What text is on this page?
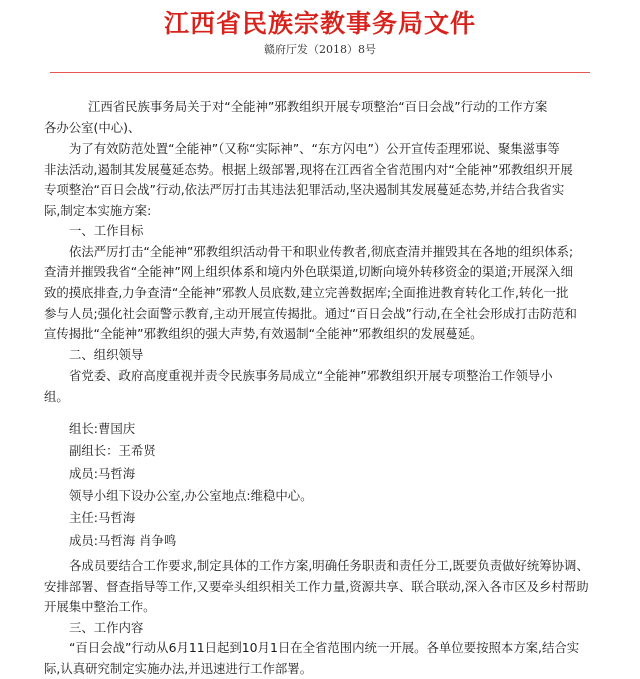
江西省民族宗教事务局文件
赣府厅发（2018）8号

江西省民族事务局关于对“全能神”邪教组织开展专项整治“百日会战”行动的工作方案

各办公室(中心)、

为了有效防范处置“全能神”（又称“实际神”、“东方闪电”）公开宣传歪理邪说、聚集滋事等

非法活动,遏制其发展蔓延态势。根据上级部署,现将在江西省全省范围内对“全能神”邪教组织开展

专项整治“百日会战”行动,依法严厉打击其违法犯罪活动,坚决遏制其发展蔓延态势,并结合我省实

际,制定本实施方案:

一、工作目标

依法严厉打击“全能神”邪教组织活动骨干和职业传教者,彻底查清并摧毁其在各地的组织体系;

查清并摧毁我省“全能神”网上组织体系和境内外色联渠道,切断向境外转移资金的渠道;开展深入细

致的摸底排查,力争查清“全能神”邪教人员底数,建立完善数据库;全面推进教育转化工作,转化一批

参与人员;强化社会面警示教育,主动开展宣传揭批。通过“百日会战”行动,在全社会形成打击防范和

宣传揭批“全能神”邪教组织的强大声势,有效遏制“全能神”邪教组织的发展蔓延。

二、组织领导

省党委、政府高度重视并责令民族事务局成立“全能神”邪教组织开展专项整治工作领导小

组。

组长:曹国庆

副组长：王希贤

成员:马哲海

领导小组下设办公室,办公室地点:维稳中心。

主任:马哲海

成员:马哲海 肖争鸣

各成员要结合工作要求,制定具体的工作方案,明确任务职责和责任分工,既要负责做好统筹协调、

安排部署、督查指导等工作,又要牵头组织相关工作力量,资源共享、联合联动,深入各市区及乡村帮助

开展集中整治工作。

三、工作内容

“百日会战”行动从6月11日起到10月1日在全省范围内统一开展。各单位要按照本方案,结合实

际,认真研究制定实施办法,并迅速进行工作部署。
